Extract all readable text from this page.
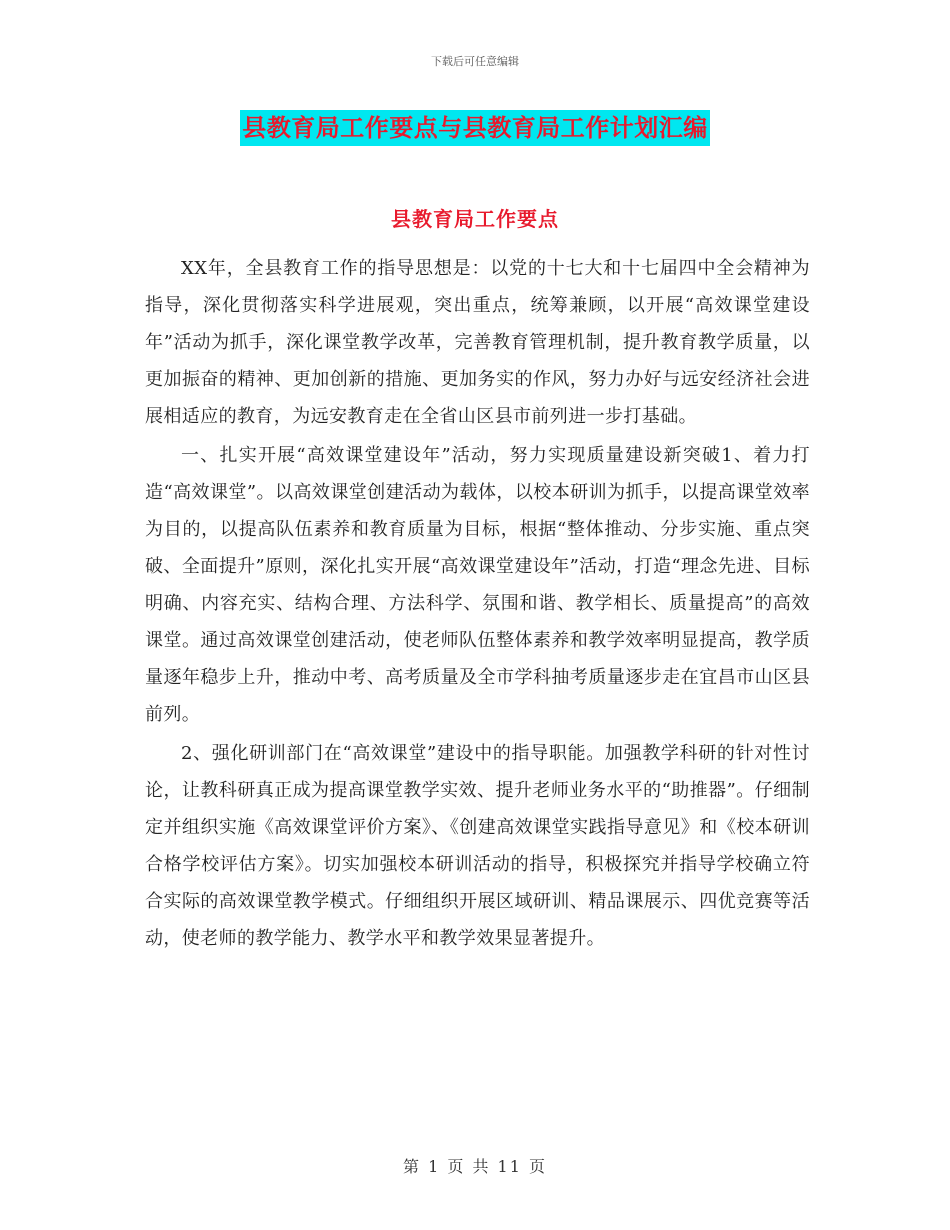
下载后可任意编辑
县教育局工作要点与县教育局工作计划汇编
县教育局工作要点

XX年，全县教育工作的指导思想是：以党的十七大和十七届四中全会精神为指导，深化贯彻落实科学进展观，突出重点，统筹兼顾，以开展“高效课堂建设年”活动为抓手，深化课堂教学改革，完善教育管理机制，提升教育教学质量，以更加振奋的精神、更加创新的措施、更加务实的作风，努力办好与远安经济社会进展相适应的教育，为远安教育走在全省山区县市前列进一步打基础。

一、扎实开展“高效课堂建设年”活动，努力实现质量建设新突破1、着力打造“高效课堂”。以高效课堂创建活动为载体，以校本研训为抓手，以提高课堂效率为目的，以提高队伍素养和教育质量为目标，根据“整体推动、分步实施、重点突破、全面提升”原则，深化扎实开展“高效课堂建设年”活动，打造“理念先进、目标明确、内容充实、结构合理、方法科学、氛围和谐、教学相长、质量提高”的高效课堂。通过高效课堂创建活动，使老师队伍整体素养和教学效率明显提高，教学质量逐年稳步上升，推动中考、高考质量及全市学科抽考质量逐步走在宜昌市山区县前列。

2、强化研训部门在“高效课堂”建设中的指导职能。加强教学科研的针对性讨论，让教科研真正成为提高课堂教学实效、提升老师业务水平的“助推器”。仔细制定并组织实施《高效课堂评价方案》、《创建高效课堂实践指导意见》和《校本研训合格学校评估方案》。切实加强校本研训活动的指导，积极探究并指导学校确立符合实际的高效课堂教学模式。仔细组织开展区域研训、精品课展示、四优竞赛等活动，使老师的教学能力、教学水平和教学效果显著提升。

第 1 页 共 11 页
